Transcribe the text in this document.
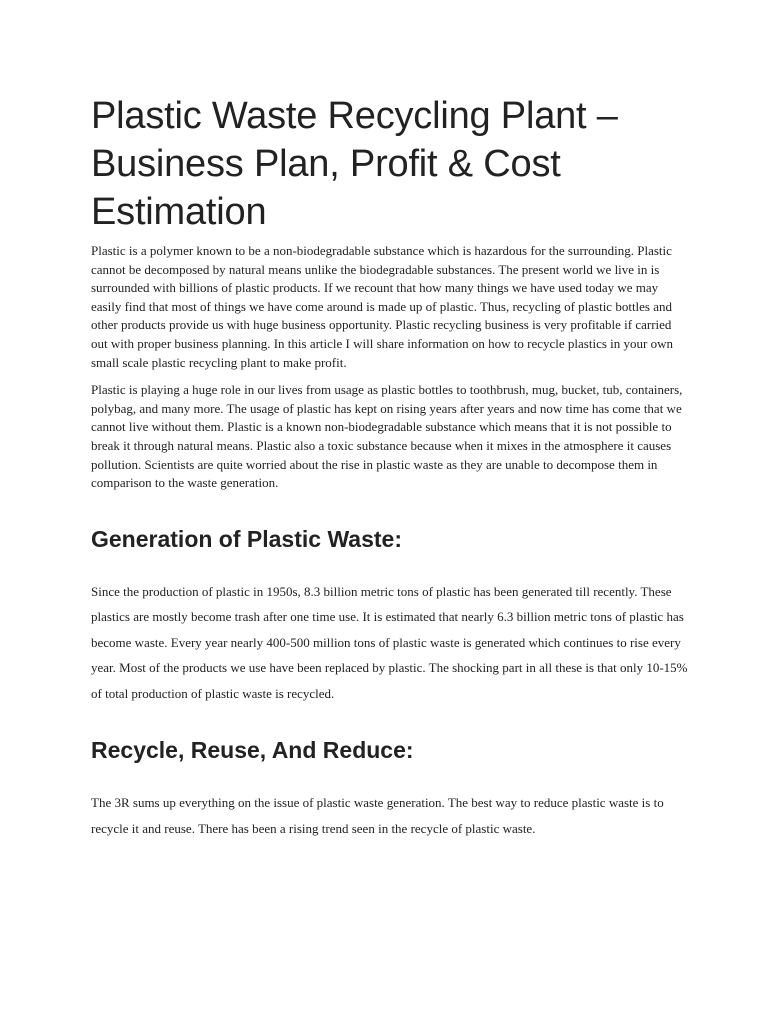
Plastic Waste Recycling Plant – Business Plan, Profit & Cost Estimation

Plastic is a polymer known to be a non-biodegradable substance which is hazardous for the surrounding. Plastic cannot be decomposed by natural means unlike the biodegradable substances. The present world we live in is surrounded with billions of plastic products. If we recount that how many things we have used today we may easily find that most of things we have come around is made up of plastic. Thus, recycling of plastic bottles and other products provide us with huge business opportunity. Plastic recycling business is very profitable if carried out with proper business planning. In this article I will share information on how to recycle plastics in your own small scale plastic recycling plant to make profit.

Plastic is playing a huge role in our lives from usage as plastic bottles to toothbrush, mug, bucket, tub, containers, polybag, and many more. The usage of plastic has kept on rising years after years and now time has come that we cannot live without them. Plastic is a known non-biodegradable substance which means that it is not possible to break it through natural means. Plastic also a toxic substance because when it mixes in the atmosphere it causes pollution. Scientists are quite worried about the rise in plastic waste as they are unable to decompose them in comparison to the waste generation.

Generation of Plastic Waste:

Since the production of plastic in 1950s, 8.3 billion metric tons of plastic has been generated till recently. These plastics are mostly become trash after one time use. It is estimated that nearly 6.3 billion metric tons of plastic has become waste. Every year nearly 400-500 million tons of plastic waste is generated which continues to rise every year. Most of the products we use have been replaced by plastic. The shocking part in all these is that only 10-15% of total production of plastic waste is recycled.

Recycle, Reuse, And Reduce:

The 3R sums up everything on the issue of plastic waste generation. The best way to reduce plastic waste is to recycle it and reuse. There has been a rising trend seen in the recycle of plastic waste.
